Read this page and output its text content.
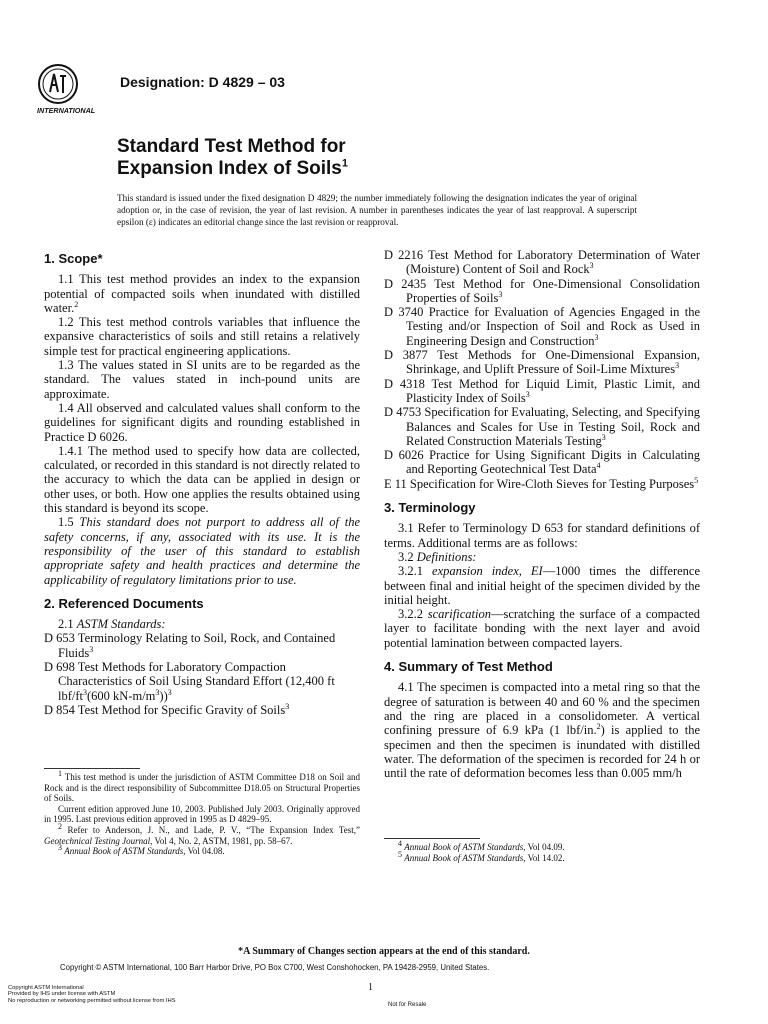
INTERNATIONAL
Designation: D 4829 – 03
Standard Test Method for
Expansion Index of Soils$^1$
This standard is issued under the fixed designation D 4829; the number immediately following the designation indicates the year of original adoption or, in the case of revision, the year of last revision. A number in parentheses indicates the year of last reapproval. A superscript epsilon (ε) indicates an editorial change since the last revision or reapproval.

1. Scope*

1.1 This test method provides an index to the expansion potential of compacted soils when inundated with distilled water.$^2$

1.2 This test method controls variables that influence the expansive characteristics of soils and still retains a relatively simple test for practical engineering applications.

1.3 The values stated in SI units are to be regarded as the standard. The values stated in inch-pound units are approximate.

1.4 All observed and calculated values shall conform to the guidelines for significant digits and rounding established in Practice D 6026.

1.4.1 The method used to specify how data are collected, calculated, or recorded in this standard is not directly related to the accuracy to which the data can be applied in design or other uses, or both. How one applies the results obtained using this standard is beyond its scope.

1.5 This standard does not purport to address all of the safety concerns, if any, associated with its use. It is the responsibility of the user of this standard to establish appropriate safety and health practices and determine the applicability of regulatory limitations prior to use.

2. Referenced Documents

2.1 ASTM Standards:

D 653 Terminology Relating to Soil, Rock, and Contained Fluids$^3$

D 698 Test Methods for Laboratory Compaction Characteristics of Soil Using Standard Effort (12,400 ft lbf/$ft^3(600$ $kN-m/m^3))^3$

D 854 Test Method for Specific Gravity of Soils$^3$

D 2216 Test Method for Laboratory Determination of Water (Moisture) Content of Soil and Rock$^3$

D 2435 Test Method for One-Dimensional Consolidation Properties of Soils$^3$

D 3740 Practice for Evaluation of Agencies Engaged in the Testing and/or Inspection of Soil and Rock as Used in Engineering Design and Construction$^3$

D 3877 Test Methods for One-Dimensional Expansion, Shrinkage, and Uplift Pressure of Soil-Lime Mixtures$^3$

D 4318 Test Method for Liquid Limit, Plastic Limit, and Plasticity Index of Soils$^3$

D 4753 Specification for Evaluating, Selecting, and Specifying Balances and Scales for Use in Testing Soil, Rock and Related Construction Materials Testing$^3$

D 6026 Practice for Using Significant Digits in Calculating and Reporting Geotechnical Test Data$^4$

E 11 Specification for Wire-Cloth Sieves for Testing Purposes$^5$

3. Terminology

3.1 Refer to Terminology D 653 for standard definitions of terms. Additional terms are as follows:

3.2 Definitions:

3.2.1 expansion index, EI—1000 times the difference between final and initial height of the specimen divided by the initial height.

3.2.2 scarification—scratching the surface of a compacted layer to facilitate bonding with the next layer and avoid potential lamination between compacted layers.

4. Summary of Test Method

4.1 The specimen is compacted into a metal ring so that the degree of saturation is between 40 and 60 % and the specimen and the ring are placed in a consolidometer. A vertical confining pressure of 6.9 kPa (1 lbf/in.$^2$) is applied to the specimen and then the specimen is inundated with distilled water. The deformation of the specimen is recorded for 24 h or until the rate of deformation becomes less than 0.005 mm/h

$^1$ This test method is under the jurisdiction of ASTM Committee D18 on Soil and Rock and is the direct responsibility of Subcommittee D18.05 on Structural Properties of Soils.

Current edition approved June 10, 2003. Published July 2003. Originally approved in 1995. Last previous edition approved in 1995 as D 4829–95.

$^2$ Refer to Anderson, J. N., and Lade, P. V., “The Expansion Index Test,” Geotechnical Testing Journal, Vol 4, No. 2, ASTM, 1981, pp. 58–67.

$^3$ Annual Book of ASTM Standards, Vol 04.08.

$^4$ Annual Book of ASTM Standards, Vol 04.09.

$^5$ Annual Book of ASTM Standards, Vol 14.02.

*A Summary of Changes section appears at the end of this standard.
Copyright © ASTM International, 100 Barr Harbor Drive, PO Box C700, West Conshohocken, PA 19428-2959, United States.
1
Copyright ASTM International
Provided by IHS under license with ASTM
No reproduction or networking permitted without license from IHS
Not for Resale
